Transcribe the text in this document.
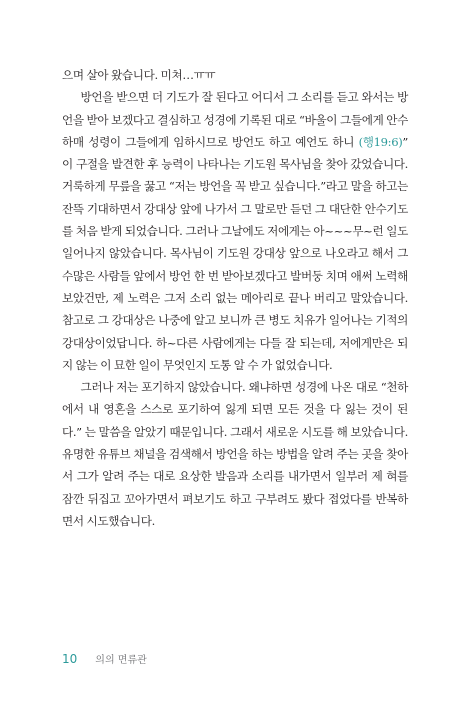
으며 살아 왔습니다. 미쳐…ㅠㅠ

방언을 받으면 더 기도가 잘 된다고 어디서 그 소리를 듣고 와서는 방언을 받아 보겠다고 결심하고 성경에 기록된 대로 “바울이 그들에게 안수하매 성령이 그들에게 임하시므로 방언도 하고 예언도 하니 (행19:6)” 이 구절을 발견한 후 능력이 나타나는 기도원 목사님을 찾아 갔었습니다. 거룩하게 무릎을 꿇고 “저는 방언을 꼭 받고 싶습니다.”라고 말을 하고는 잔뜩 기대하면서 강대상 앞에 나가서 그 말로만 듣던 그 대단한 안수기도를 처음 받게 되었습니다. 그러나 그날에도 저에게는 아~~~무~런 일도 일어나지 않았습니다. 목사님이 기도원 강대상 앞으로 나오라고 해서 그 수많은 사람들 앞에서 방언 한 번 받아보겠다고 발버둥 치며 애써 노력해 보았건만, 제 노력은 그저 소리 없는 메아리로 끝나 버리고 말았습니다. 참고로 그 강대상은 나중에 알고 보니까 큰 병도 치유가 일어나는 기적의 강대상이었답니다. 하~다른 사람에게는 다들 잘 되는데, 저에게만은 되지 않는 이 묘한 일이 무엇인지 도통 알 수 가 없었습니다.

그러나 저는 포기하지 않았습니다. 왜냐하면 성경에 나온 대로 “천하에서 내 영혼을 스스로 포기하여 잃게 되면 모든 것을 다 잃는 것이 된다.” 는 말씀을 알았기 때문입니다. 그래서 새로운 시도를 해 보았습니다. 유명한 유튜브 채널을 검색해서 방언을 하는 방법을 알려 주는 곳을 찾아서 그가 알려 주는 대로 요상한 발음과 소리를 내가면서 일부러 제 혀를 잠깐 뒤집고 꼬아가면서 펴보기도 하고 구부려도 봤다 접었다를 반복하면서 시도했습니다.

10 의의 면류관
